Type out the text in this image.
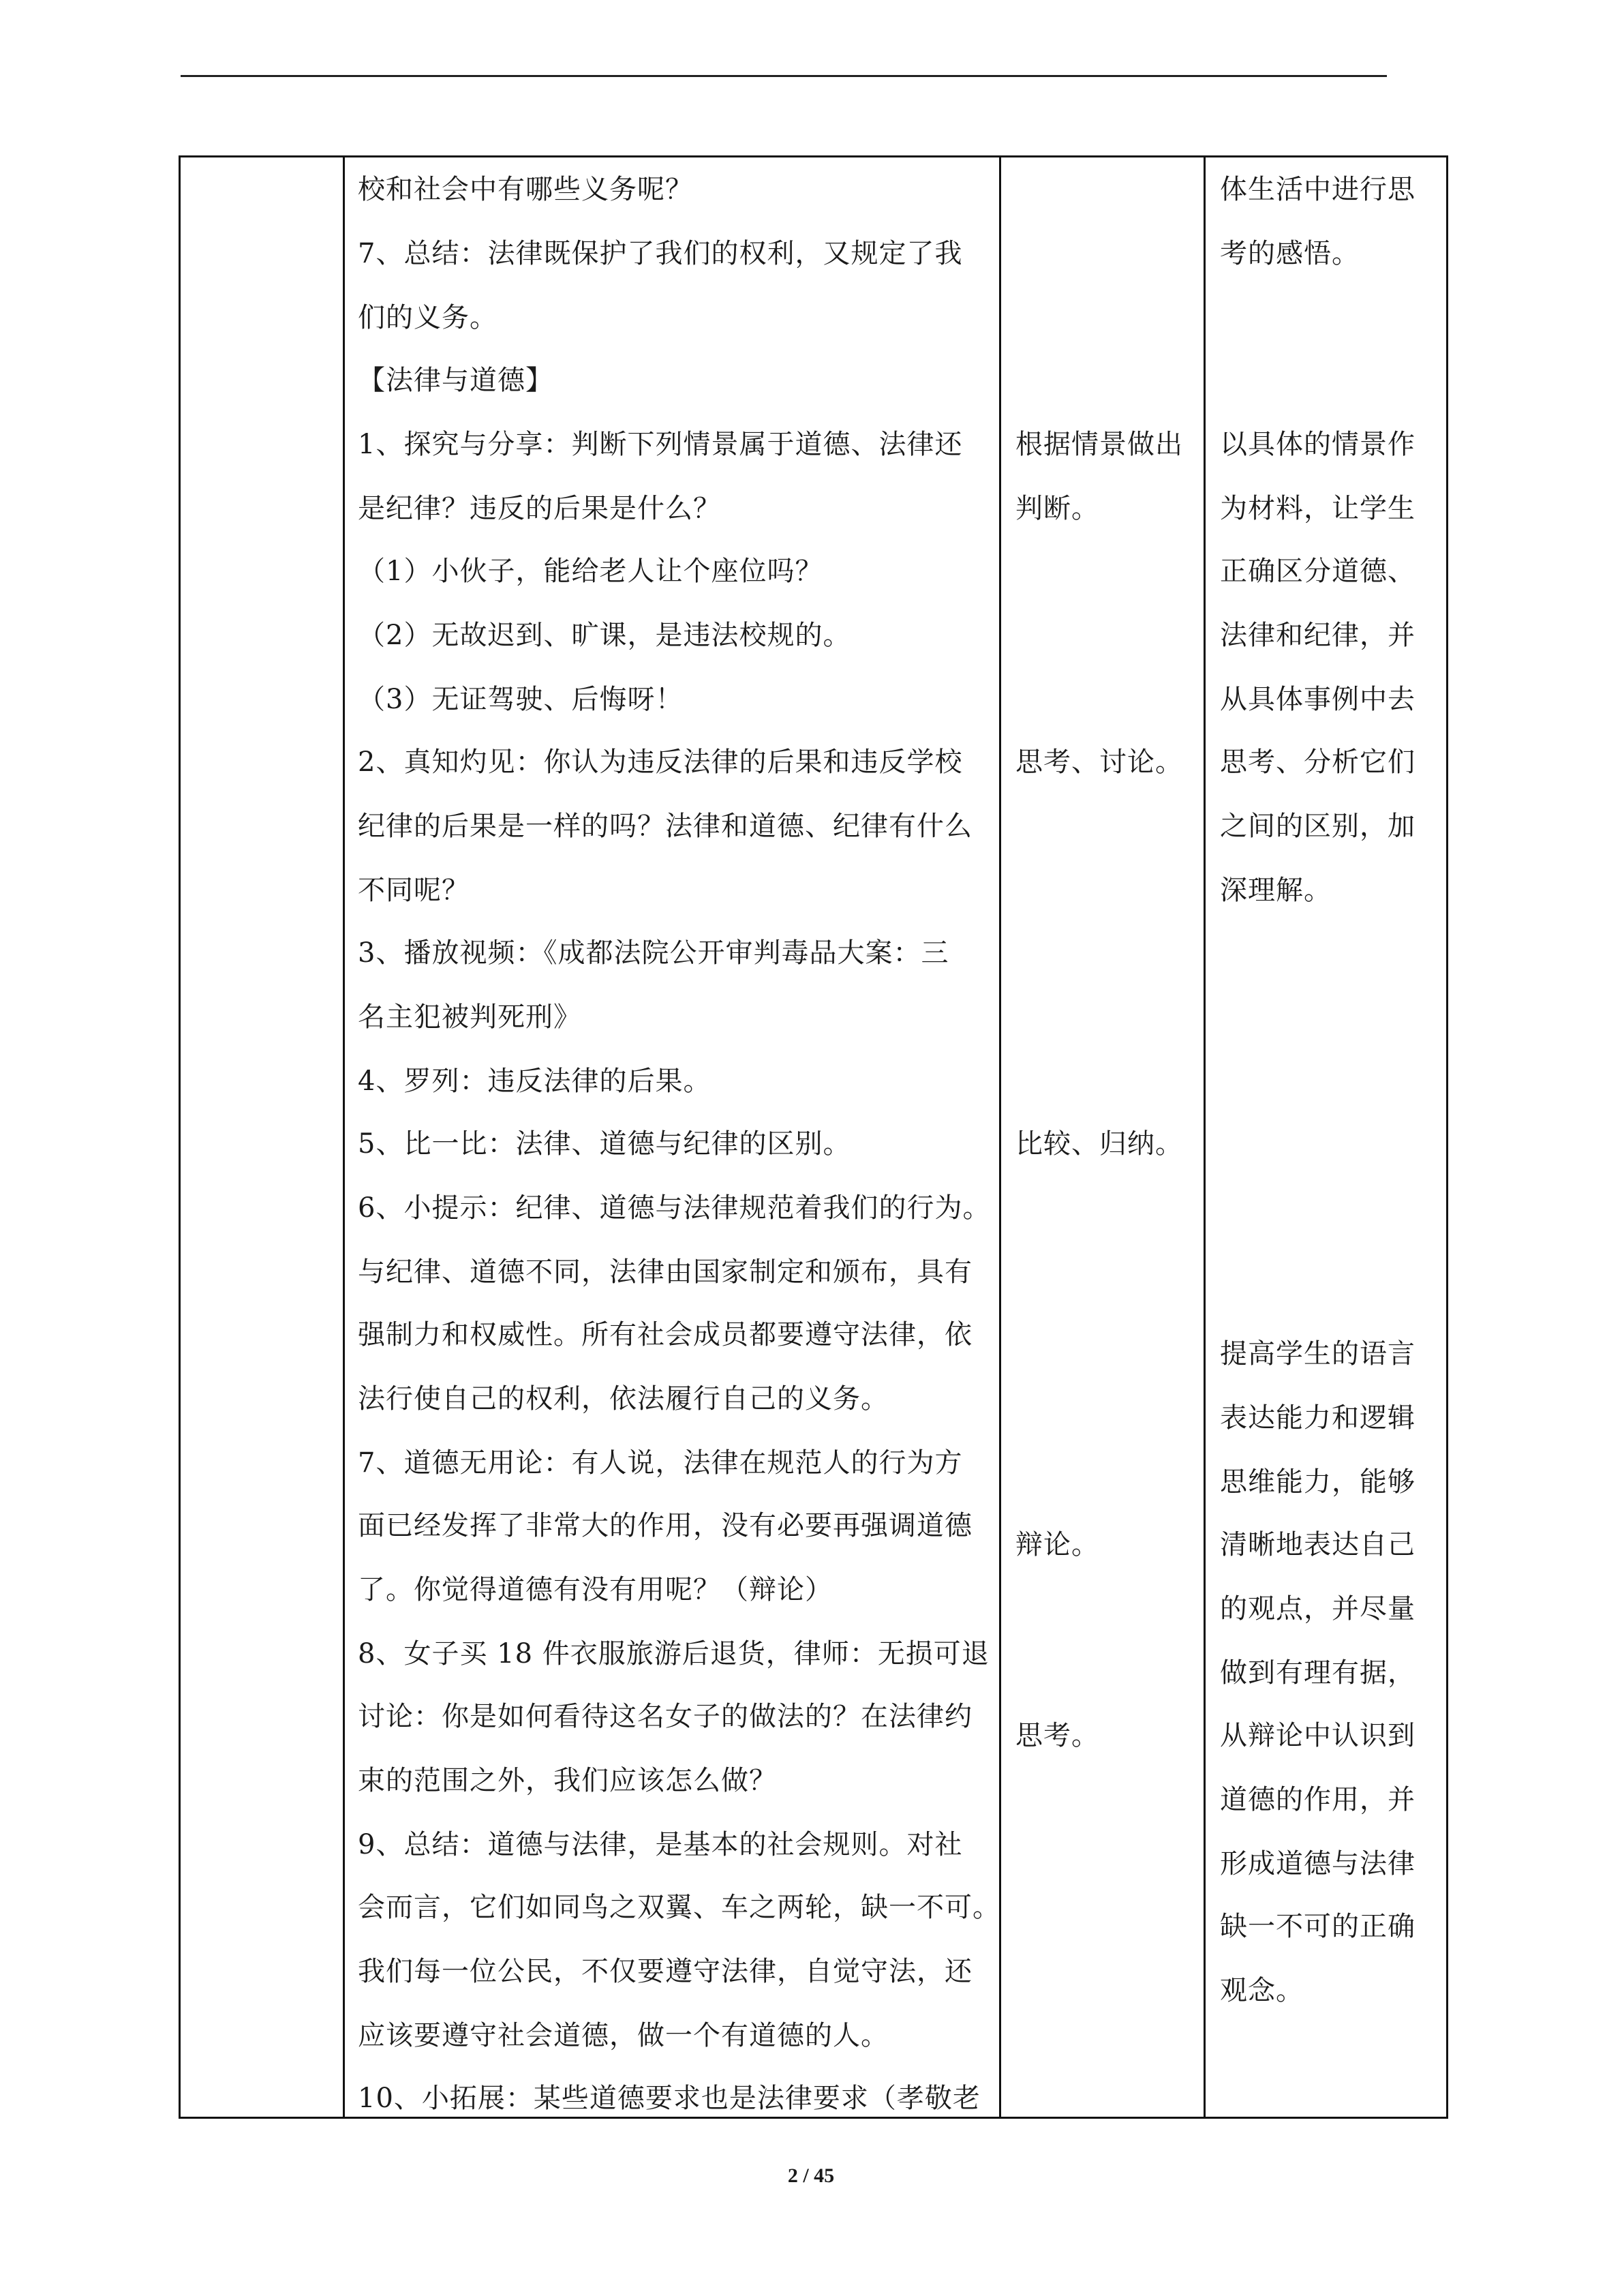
校和社会中有哪些义务呢？
7、总结：法律既保护了我们的权利，又规定了我
们的义务。
【法律与道德】
1、探究与分享：判断下列情景属于道德、法律还
是纪律？违反的后果是什么？
（1）小伙子，能给老人让个座位吗？
（2）无故迟到、旷课，是违法校规的。
（3）无证驾驶、后悔呀！
2、真知灼见：你认为违反法律的后果和违反学校
纪律的后果是一样的吗？法律和道德、纪律有什么
不同呢？
3、播放视频：《成都法院公开审判毒品大案：三
名主犯被判死刑》
4、罗列：违反法律的后果。
5、比一比：法律、道德与纪律的区别。
6、小提示：纪律、道德与法律规范着我们的行为。
与纪律、道德不同，法律由国家制定和颁布，具有
强制力和权威性。所有社会成员都要遵守法律，依
法行使自己的权利，依法履行自己的义务。
7、道德无用论：有人说，法律在规范人的行为方
面已经发挥了非常大的作用，没有必要再强调道德
了。你觉得道德有没有用呢？（辩论）
8、女子买 18 件衣服旅游后退货，律师：无损可退
讨论：你是如何看待这名女子的做法的？在法律约
束的范围之外，我们应该怎么做？
9、总结：道德与法律，是基本的社会规则。对社
会而言，它们如同鸟之双翼、车之两轮，缺一不可。
我们每一位公民，不仅要遵守法律，自觉守法，还
应该要遵守社会道德，做一个有道德的人。
10、小拓展：某些道德要求也是法律要求（孝敬老
根据情景做出
判断。
思考、讨论。
比较、归纳。
辩论。
思考。
体生活中进行思
考的感悟。
以具体的情景作
为材料，让学生
正确区分道德、
法律和纪律，并
从具体事例中去
思考、分析它们
之间的区别，加
深理解。
提高学生的语言
表达能力和逻辑
思维能力，能够
清晰地表达自己
的观点，并尽量
做到有理有据，
从辩论中认识到
道德的作用，并
形成道德与法律
缺一不可的正确
观念。
2 / 45
